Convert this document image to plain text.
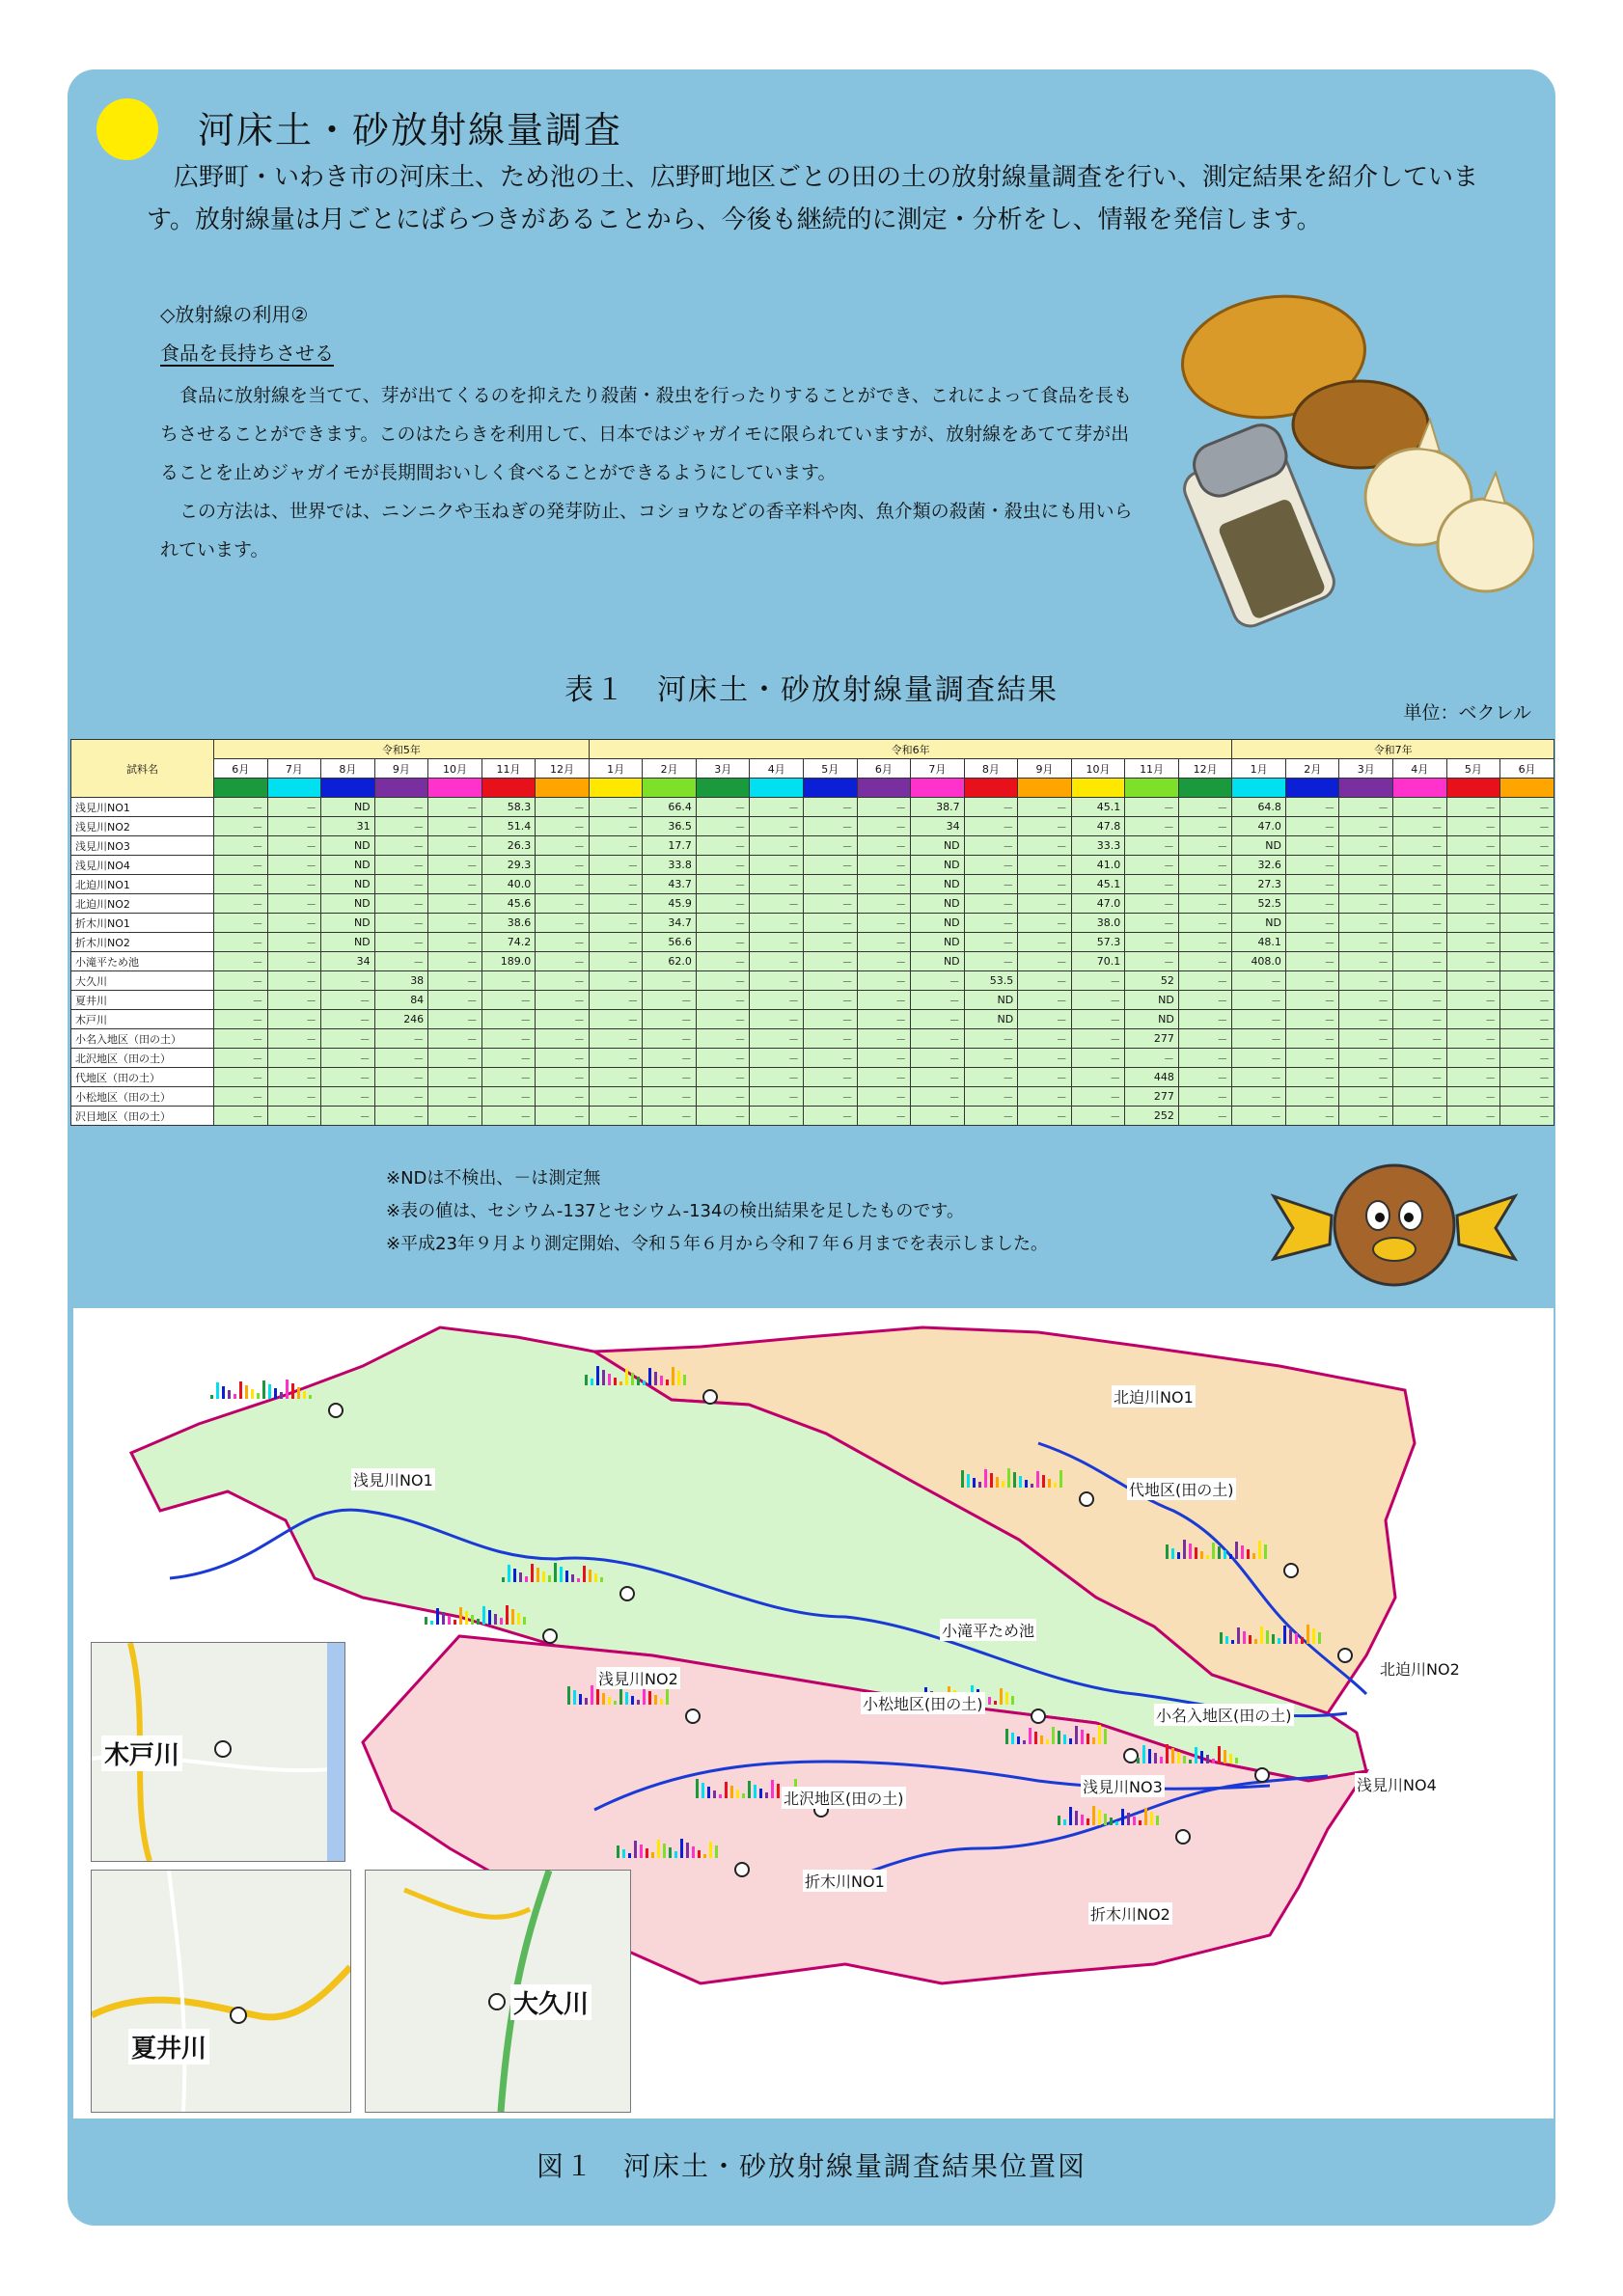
河床土・砂放射線量調査
広野町・いわき市の河床土、ため池の土、広野町地区ごとの田の土の放射線量調査を行い、測定結果を紹介しています。放射線量は月ごとにばらつきがあることから、今後も継続的に測定・分析をし、情報を発信します。
◇放射線の利用②
食品を長持ちさせる

食品に放射線を当てて、芽が出てくるのを抑えたり殺菌・殺虫を行ったりすることができ、これによって食品を長もちさせることができます。このはたらきを利用して、日本ではジャガイモに限られていますが、放射線をあてて芽が出ることを止めジャガイモが長期間おいしく食べることができるようにしています。

この方法は、世界では、ニンニクや玉ねぎの発芽防止、コショウなどの香辛料や肉、魚介類の殺菌・殺虫にも用いられています。

表１　河床土・砂放射線量調査結果
単位：ベクレル
試料名	令和5年							令和6年												令和7年					
	6月	7月	8月	9月	10月	11月	12月	1月	2月	3月	4月	5月	6月	7月	8月	9月	10月	11月	12月	1月	2月	3月	4月	5月	6月

浅見川NO1	－	－	ND	－	－	58.3	－	－	66.4	－	－	－	－	38.7	－	－	45.1	－	－	64.8	－	－	－	－	－
浅見川NO2	－	－	31	－	－	51.4	－	－	36.5	－	－	－	－	34	－	－	47.8	－	－	47.0	－	－	－	－	－
浅見川NO3	－	－	ND	－	－	26.3	－	－	17.7	－	－	－	－	ND	－	－	33.3	－	－	ND	－	－	－	－	－
浅見川NO4	－	－	ND	－	－	29.3	－	－	33.8	－	－	－	－	ND	－	－	41.0	－	－	32.6	－	－	－	－	－
北迫川NO1	－	－	ND	－	－	40.0	－	－	43.7	－	－	－	－	ND	－	－	45.1	－	－	27.3	－	－	－	－	－
北迫川NO2	－	－	ND	－	－	45.6	－	－	45.9	－	－	－	－	ND	－	－	47.0	－	－	52.5	－	－	－	－	－
折木川NO1	－	－	ND	－	－	38.6	－	－	34.7	－	－	－	－	ND	－	－	38.0	－	－	ND	－	－	－	－	－
折木川NO2	－	－	ND	－	－	74.2	－	－	56.6	－	－	－	－	ND	－	－	57.3	－	－	48.1	－	－	－	－	－
小滝平ため池	－	－	34	－	－	189.0	－	－	62.0	－	－	－	－	ND	－	－	70.1	－	－	408.0	－	－	－	－	－
大久川	－	－	－	38	－	－	－	－	－	－	－	－	－	－	53.5	－	－	52	－	－	－	－	－	－	－
夏井川	－	－	－	84	－	－	－	－	－	－	－	－	－	－	ND	－	－	ND	－	－	－	－	－	－	－
木戸川	－	－	－	246	－	－	－	－	－	－	－	－	－	－	ND	－	－	ND	－	－	－	－	－	－	－
小名入地区（田の土）	－	－	－	－	－	－	－	－	－	－	－	－	－	－	－	－	－	277	－	－	－	－	－	－	－
北沢地区（田の土）	－	－	－	－	－	－	－	－	－	－	－	－	－	－	－	－	－	－	－	－	－	－	－	－	－
代地区（田の土）	－	－	－	－	－	－	－	－	－	－	－	－	－	－	－	－	－	448	－	－	－	－	－	－	－
小松地区（田の土）	－	－	－	－	－	－	－	－	－	－	－	－	－	－	－	－	－	277	－	－	－	－	－	－	－
沢目地区（田の土）	－	－	－	－	－	－	－	－	－	－	－	－	－	－	－	－	－	252	－	－	－	－	－	－	－
※NDは不検出、－は測定無
※表の値は、セシウム-137とセシウム-134の検出結果を足したものです。
※平成23年９月より測定開始、令和５年６月から令和７年６月までを表示しました。
浅見川NO1
北迫川NO1
代地区(田の土)
小滝平ため池
浅見川NO2
北迫川NO2
小松地区(田の土)
小名入地区(田の土)
北沢地区(田の土)
浅見川NO3	浅見川NO4
折木川NO1
折木川NO2
木戸川
夏井川
大久川
図１　河床土・砂放射線量調査結果位置図
